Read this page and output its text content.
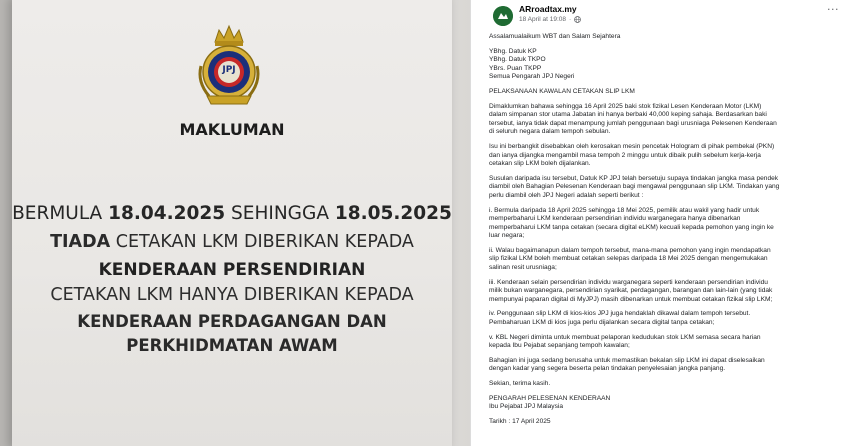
JPJ
MAKLUMAN
BERMULA 18.04.2025 SEHINGGA 18.05.2025
TIADA CETAKAN LKM DIBERIKAN KEPADA
KENDERAAN PERSENDIRIAN
CETAKAN LKM HANYA DIBERIKAN KEPADA
KENDERAAN PERDAGANGAN DAN
PERKHIDMATAN AWAM
ARroadtax.my
18 April at 19:08 ·
···
Assalamualaikum WBT dan Salam Sejahtera
YBhg. Datuk KP
YBhg. Datuk TKPO
YBrs. Puan TKPP
Semua Pengarah JPJ Negeri
PELAKSANAAN KAWALAN CETAKAN SLIP LKM
Dimaklumkan bahawa sehingga 16 April 2025 baki stok fizikal Lesen Kenderaan Motor (LKM)
dalam simpanan stor utama Jabatan ini hanya berbaki 40,000 keping sahaja. Berdasarkan baki
tersebut, ianya tidak dapat menampung jumlah penggunaan bagi urusniaga Pelesenen Kenderaan
di seluruh negara dalam tempoh sebulan.
Isu ini berbangkit disebabkan oleh kerosakan mesin pencetak Hologram di pihak pembekal (PKN)
dan ianya dijangka mengambil masa tempoh 2 minggu untuk dibaik pulih sebelum kerja-kerja
cetakan slip LKM boleh dijalankan.
Susulan daripada isu tersebut, Datuk KP JPJ telah bersetuju supaya tindakan jangka masa pendek
diambil oleh Bahagian Pelesenan Kenderaan bagi mengawal penggunaan slip LKM. Tindakan yang
perlu diambil oleh JPJ Negeri adalah seperti berikut :
i. Bermula daripada 18 April 2025 sehingga 18 Mei 2025, pemilik atau wakil yang hadir untuk
memperbaharui LKM kenderaan persendirian individu warganegara hanya dibenarkan
memperbaharui LKM tanpa cetakan (secara digital eLKM) kecuali kepada pemohon yang ingin ke
luar negara;
ii. Walau bagaimanapun dalam tempoh tersebut, mana-mana pemohon yang ingin mendapatkan
slip fizikal LKM boleh membuat cetakan selepas daripada 18 Mei 2025 dengan mengemukakan
salinan resit urusniaga;
iii. Kenderaan selain persendirian individu warganegara seperti kenderaan persendirian individu
milik bukan warganegara, persendirian syarikat, perdagangan, barangan dan lain-lain (yang tidak
mempunyai paparan digital di MyJPJ) masih dibenarkan untuk membuat cetakan fizikal slip LKM;
iv. Penggunaan slip LKM di kios-kios JPJ juga hendaklah dikawal dalam tempoh tersebut.
Pembaharuan LKM di kios juga perlu dijalankan secara digital tanpa cetakan;
v. KBL Negeri diminta untuk membuat pelaporan kedudukan stok LKM semasa secara harian
kepada Ibu Pejabat sepanjang tempoh kawalan;
Bahagian ini juga sedang berusaha untuk memastikan bekalan slip LKM ini dapat diselesaikan
dengan kadar yang segera beserta pelan tindakan penyelesaian jangka panjang.
Sekian, terima kasih.
PENGARAH PELESENAN KENDERAAN
Ibu Pejabat JPJ Malaysia
Tarikh : 17 April 2025
